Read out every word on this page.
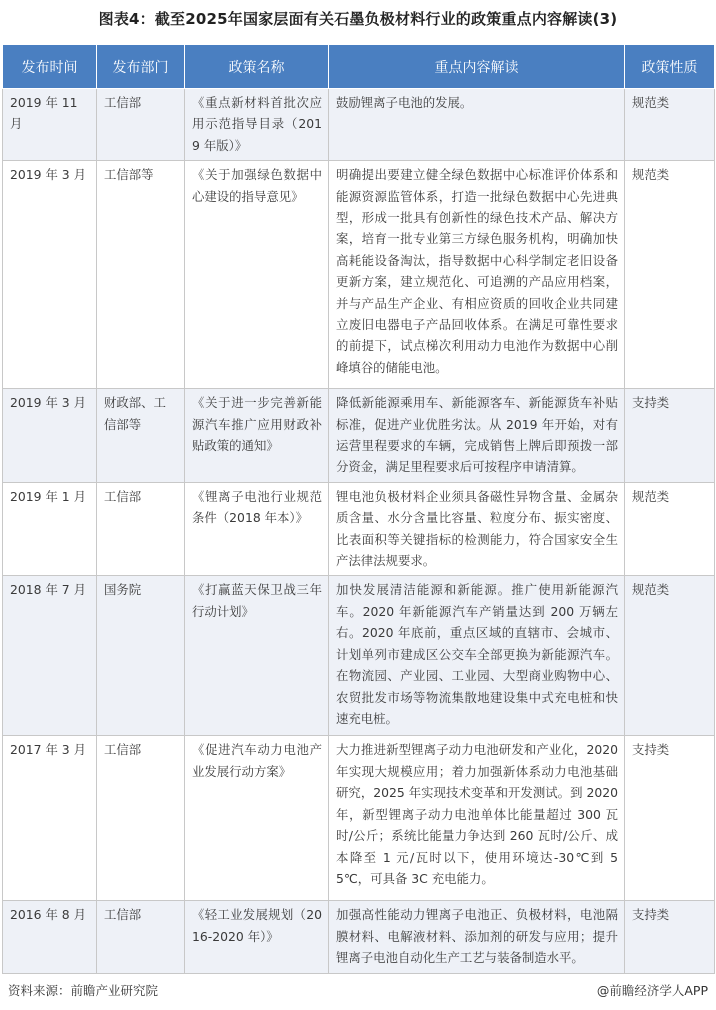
图表4：截至2025年国家层面有关石墨负极材料行业的政策重点内容解读(3)
发布时间	发布部门	政策名称	重点内容解读	政策性质
2019 年 11 月	工信部	《重点新材料首批次应用示范指导目录（2019 年版）》	鼓励锂离子电池的发展。	规范类
2019 年 3 月	工信部等	《关于加强绿色数据中心建设的指导意见》	明确提出要建立健全绿色数据中心标准评价体系和能源资源监管体系，打造一批绿色数据中心先进典型，形成一批具有创新性的绿色技术产品、解决方案，培育一批专业第三方绿色服务机构，明确加快高耗能设备淘汰，指导数据中心科学制定老旧设备更新方案，建立规范化、可追溯的产品应用档案，并与产品生产企业、有相应资质的回收企业共同建立废旧电器电子产品回收体系。在满足可靠性要求的前提下，试点梯次利用动力电池作为数据中心削峰填谷的储能电池。	规范类
2019 年 3 月	财政部、工信部等	《关于进一步完善新能源汽车推广应用财政补贴政策的通知》	降低新能源乘用车、新能源客车、新能源货车补贴标准，促进产业优胜劣汰。从 2019 年开始，对有运营里程要求的车辆，完成销售上牌后即预拨一部分资金，满足里程要求后可按程序申请清算。	支持类
2019 年 1 月	工信部	《锂离子电池行业规范条件（2018 年本）》	锂电池负极材料企业须具备磁性异物含量、金属杂质含量、水分含量比容量、粒度分布、振实密度、比表面积等关键指标的检测能力，符合国家安全生产法律法规要求。	规范类
2018 年 7 月	国务院	《打赢蓝天保卫战三年行动计划》	加快发展清洁能源和新能源。推广使用新能源汽车。2020 年新能源汽车产销量达到 200 万辆左右。2020 年底前，重点区域的直辖市、会城市、计划单列市建成区公交车全部更换为新能源汽车。在物流园、产业园、工业园、大型商业购物中心、农贸批发市场等物流集散地建设集中式充电桩和快速充电桩。	规范类
2017 年 3 月	工信部	《促进汽车动力电池产业发展行动方案》	大力推进新型锂离子动力电池研发和产业化，2020 年实现大规模应用；着力加强新体系动力电池基础研究，2025 年实现技术变革和开发测试。到 2020 年，新型锂离子动力电池单体比能量超过 300 瓦时/公斤；系统比能量力争达到 260 瓦时/公斤、成本降至 1 元/瓦时以下，使用环境达-30℃到 55℃，可具备 3C 充电能力。	支持类
2016 年 8 月	工信部	《轻工业发展规划（2016-2020 年）》	加强高性能动力锂离子电池正、负极材料，电池隔膜材料、电解液材料、添加剂的研发与应用；提升锂离子电池自动化生产工艺与装备制造水平。	支持类
资料来源：前瞻产业研究院	@前瞻经济学人APP
